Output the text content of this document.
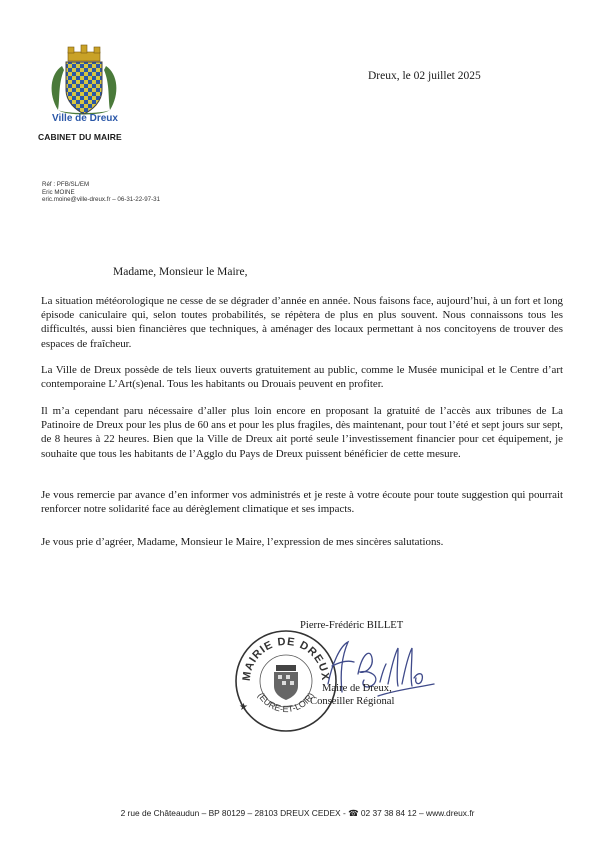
Ville de Dreux
CABINET DU MAIRE
Dreux, le 02 juillet 2025
Réf : PFB/SL/EM
Eric MOINE
eric.moine@ville-dreux.fr – 06-31-22-97-31
Madame, Monsieur le Maire,
La situation météorologique ne cesse de se dégrader d’année en année. Nous faisons face, aujourd’hui, à un fort et long épisode caniculaire qui, selon toutes probabilités, se répètera de plus en plus souvent. Nous connaissons tous les difficultés, aussi bien financières que techniques, à aménager des locaux permettant à nos concitoyens de trouver des espaces de fraîcheur.
La Ville de Dreux possède de tels lieux ouverts gratuitement au public, comme le Musée municipal et le Centre d’art contemporaine L’Art(s)enal. Tous les habitants ou Drouais peuvent en profiter.
Il m’a cependant paru nécessaire d’aller plus loin encore en proposant la gratuité de l’accès aux tribunes de La Patinoire de Dreux pour les plus de 60 ans et pour les plus fragiles, dès maintenant, pour tout l’été et sept jours sur sept, de 8 heures à 22 heures. Bien que la Ville de Dreux ait porté seule l’investissement financier pour cet équipement, je souhaite que tous les habitants de l’Agglo du Pays de Dreux puissent bénéficier de cette mesure.
Je vous remercie par avance d’en informer vos administrés et je reste à votre écoute pour toute suggestion qui pourrait renforcer notre solidarité face au dérèglement climatique et ses impacts.
Je vous prie d’agréer, Madame, Monsieur le Maire, l’expression de mes sincères salutations.
MAIRIE DE DREUX
(EURE-ET-LOIR)
★
Pierre-Frédéric BILLET
Maire de Dreux,
Conseiller Régional
2 rue de Châteaudun – BP 80129 – 28103 DREUX CEDEX - ☎ 02 37 38 84 12 – www.dreux.fr
